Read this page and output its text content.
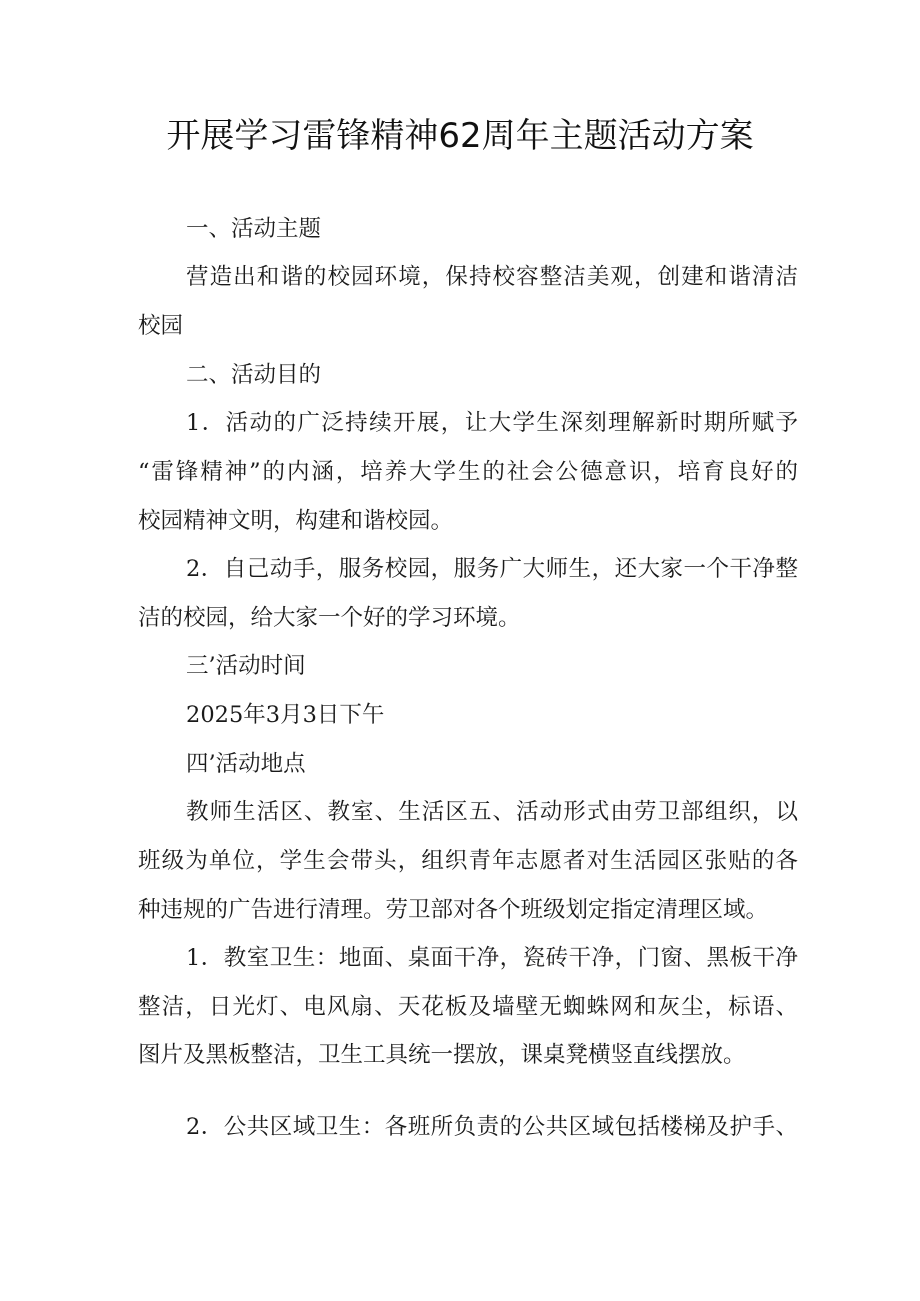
开展学习雷锋精神62周年主题活动方案
一、活动主题
营造出和谐的校园环境，保持校容整洁美观，创建和谐清洁
校园
二、活动目的
1．活动的广泛持续开展，让大学生深刻理解新时期所赋予
“雷锋精神”的内涵，培养大学生的社会公德意识，培育良好的
校园精神文明，构建和谐校园。
2．自己动手，服务校园，服务广大师生，还大家一个干净整
洁的校园，给大家一个好的学习环境。
三’活动时间
2025年3月3日下午
四’活动地点
教师生活区、教室、生活区五、活动形式由劳卫部组织，以
班级为单位，学生会带头，组织青年志愿者对生活园区张贴的各
种违规的广告进行清理。劳卫部对各个班级划定指定清理区域。
1．教室卫生：地面、桌面干净，瓷砖干净，门窗、黑板干净
整洁，日光灯、电风扇、天花板及墙壁无蜘蛛网和灰尘，标语、
图片及黑板整洁，卫生工具统一摆放，课桌凳横竖直线摆放。
2．公共区域卫生：各班所负责的公共区域包括楼梯及护手、
